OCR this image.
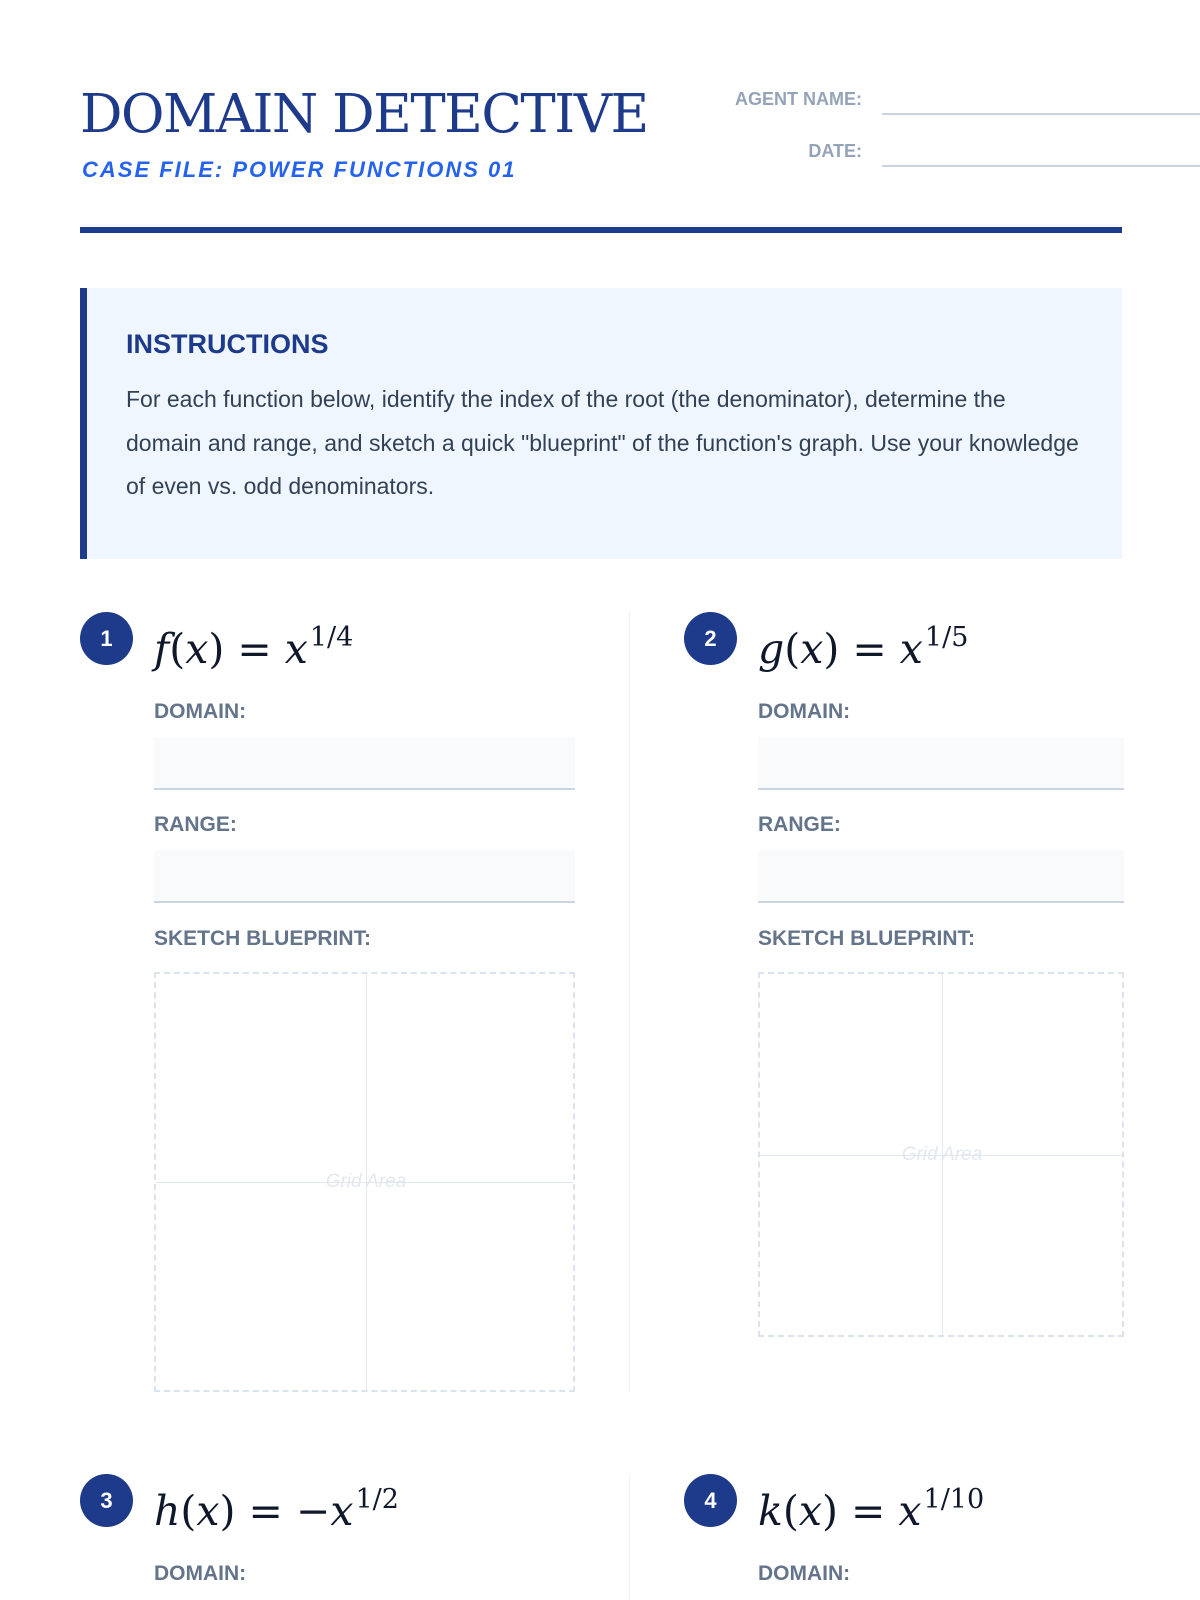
DOMAIN DETECTIVE
CASE FILE: POWER FUNCTIONS 01
AGENT NAME:
DATE:
INSTRUCTIONS
For each function below, identify the index of the root (the denominator), determine the domain and range, and sketch a quick "blueprint" of the function's graph. Use your knowledge of even vs. odd denominators.
1	$f(x) = x^{1/4}$
DOMAIN:
RANGE:
SKETCH BLUEPRINT:
Grid Area
2	$g(x) = x^{1/5}$
DOMAIN:
RANGE:
SKETCH BLUEPRINT:
Grid Area
3	$h(x) = -x^{1/2}$
DOMAIN:
4	$k(x) = x^{1/10}$
DOMAIN:
